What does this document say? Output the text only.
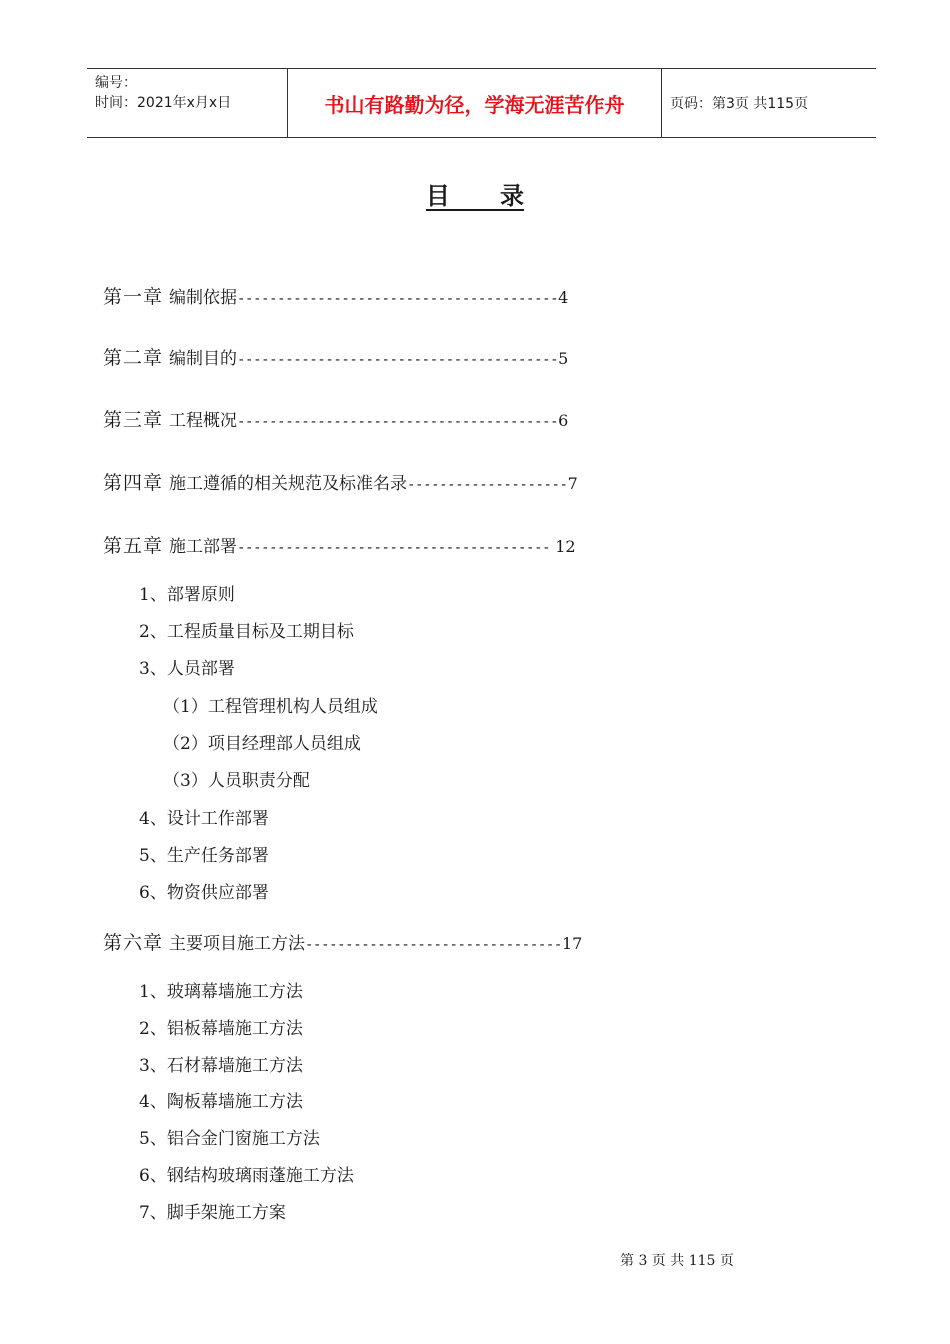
编号：
时间：2021年x月x日	书山有路勤为径，学海无涯苦作舟	页码：第3页 共115页
目      录
第一章 编制依据----------------------------------------4
第二章 编制目的----------------------------------------5
第三章 工程概况----------------------------------------6
第四章 施工遵循的相关规范及标准名录--------------------7
第五章 施工部署--------------------------------------- 12
1、部署原则
2、工程质量目标及工期目标
3、人员部署
（1）工程管理机构人员组成
（2）项目经理部人员组成
（3）人员职责分配
4、设计工作部署
5、生产任务部署
6、物资供应部署
第六章 主要项目施工方法--------------------------------17
1、玻璃幕墙施工方法
2、铝板幕墙施工方法
3、石材幕墙施工方法
4、陶板幕墙施工方法
5、铝合金门窗施工方法
6、钢结构玻璃雨蓬施工方法
7、脚手架施工方案
第 3 页 共 115 页
